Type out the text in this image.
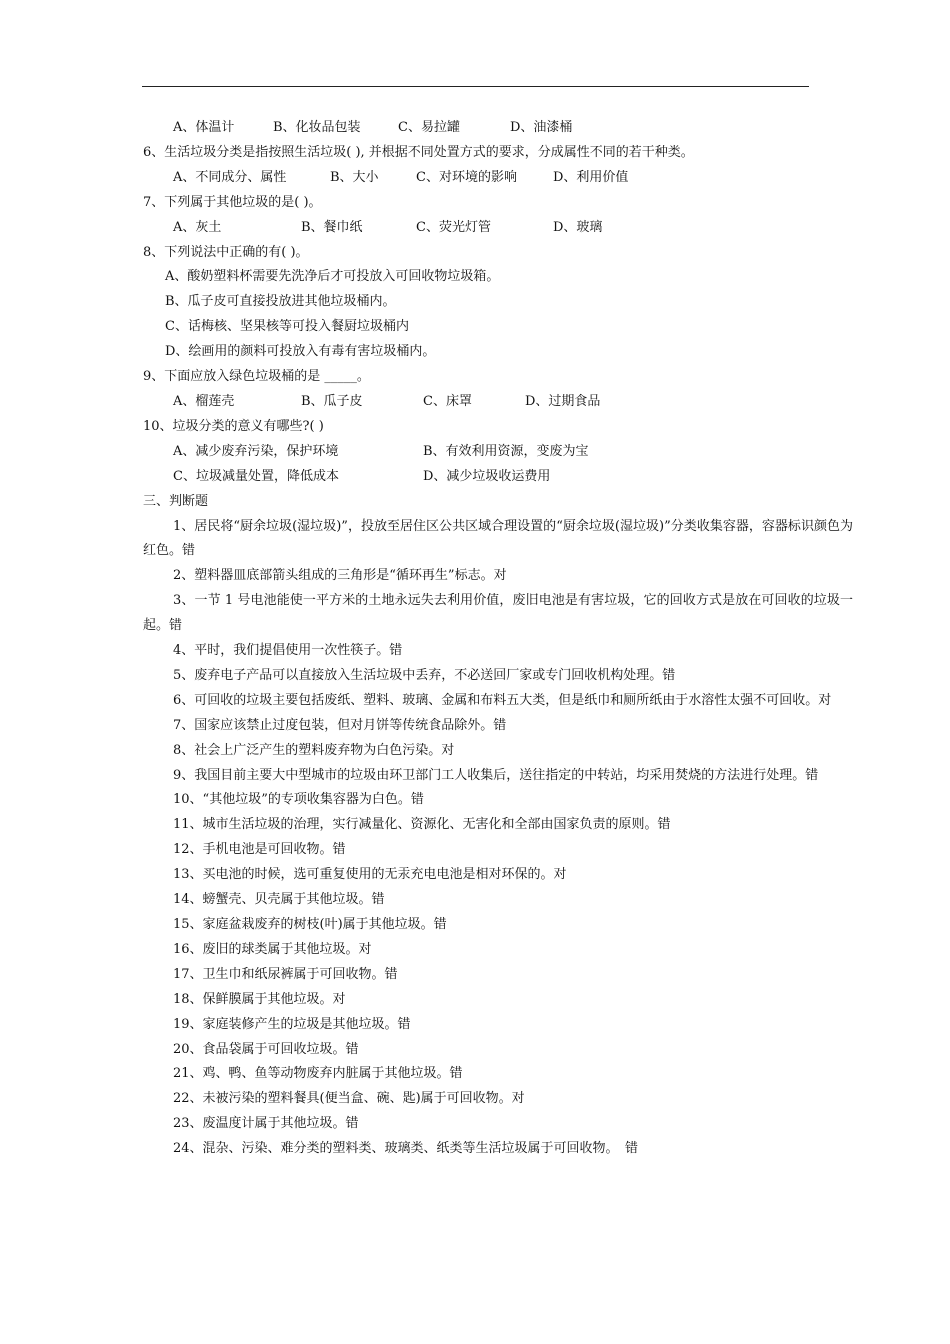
A、体温计	B、化妆品包装	C、易拉罐	D、油漆桶
6、生活垃圾分类是指按照生活垃圾( ), 并根据不同处置方式的要求，分成属性不同的若干种类。
A、不同成分、属性	B、大小	C、对环境的影响	D、利用价值
7、下列属于其他垃圾的是( )。
A、灰土	B、餐巾纸	C、荧光灯管	D、玻璃
8、下列说法中正确的有( )。
A、酸奶塑料杯需要先洗净后才可投放入可回收物垃圾箱。
B、瓜子皮可直接投放进其他垃圾桶内。
C、话梅核、坚果核等可投入餐厨垃圾桶内
D、绘画用的颜料可投放入有毒有害垃圾桶内。
9、下面应放入绿色垃圾桶的是 _____。
A、榴莲壳	B、瓜子皮	C、床罩	D、过期食品
10、垃圾分类的意义有哪些?( )
A、减少废弃污染，保护环境	B、有效利用资源，变废为宝
C、垃圾减量处置，降低成本	D、减少垃圾收运费用
三、判断题
1、居民将“厨余垃圾(湿垃圾)”，投放至居住区公共区域合理设置的“厨余垃圾(湿垃圾)”分类收集容器，容器标识颜色为红色。错
2、塑料器皿底部箭头组成的三角形是“循环再生”标志。对
3、一节 1 号电池能使一平方米的土地永远失去利用价值，废旧电池是有害垃圾，它的回收方式是放在可回收的垃圾一起。错
4、平时，我们提倡使用一次性筷子。错
5、废弃电子产品可以直接放入生活垃圾中丢弃，不必送回厂家或专门回收机构处理。错
6、可回收的垃圾主要包括废纸、塑料、玻璃、金属和布料五大类，但是纸巾和厕所纸由于水溶性太强不可回收。对
7、国家应该禁止过度包装，但对月饼等传统食品除外。错
8、社会上广泛产生的塑料废弃物为白色污染。对
9、我国目前主要大中型城市的垃圾由环卫部门工人收集后，送往指定的中转站，均采用焚烧的方法进行处理。错
10、“其他垃圾”的专项收集容器为白色。错
11、城市生活垃圾的治理，实行减量化、资源化、无害化和全部由国家负责的原则。错
12、手机电池是可回收物。错
13、买电池的时候，选可重复使用的无汞充电电池是相对环保的。对
14、螃蟹壳、贝壳属于其他垃圾。错
15、家庭盆栽废弃的树枝(叶)属于其他垃圾。错
16、废旧的球类属于其他垃圾。对
17、卫生巾和纸尿裤属于可回收物。错
18、保鲜膜属于其他垃圾。对
19、家庭装修产生的垃圾是其他垃圾。错
20、食品袋属于可回收垃圾。错
21、鸡、鸭、鱼等动物废弃内脏属于其他垃圾。错
22、未被污染的塑料餐具(便当盒、碗、匙)属于可回收物。对
23、废温度计属于其他垃圾。错
24、混杂、污染、难分类的塑料类、玻璃类、纸类等生活垃圾属于可回收物。　错
